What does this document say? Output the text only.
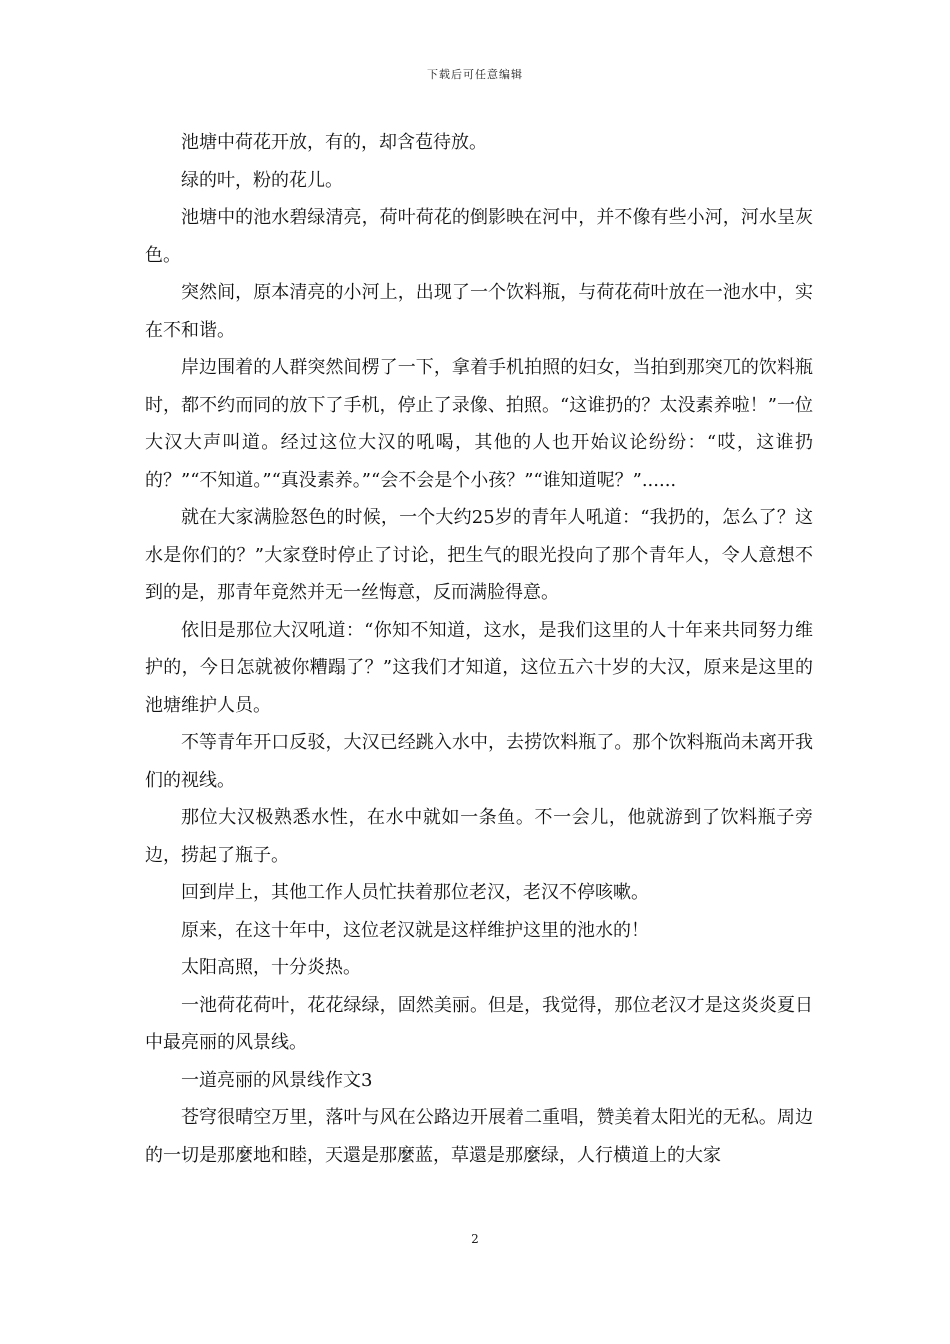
下载后可任意编辑

池塘中荷花开放，有的，却含苞待放。

绿的叶，粉的花儿。

池塘中的池水碧绿清亮，荷叶荷花的倒影映在河中，并不像有些小河，河水呈灰色。

突然间，原本清亮的小河上，出现了一个饮料瓶，与荷花荷叶放在一池水中，实在不和谐。

岸边围着的人群突然间楞了一下，拿着手机拍照的妇女，当拍到那突兀的饮料瓶时，都不约而同的放下了手机，停止了录像、拍照。“这谁扔的？太没素养啦！”一位大汉大声叫道。经过这位大汉的吼喝，其他的人也开始议论纷纷：“哎，这谁扔的？”“不知道。”“真没素养。”“会不会是个小孩？”“谁知道呢？”......

就在大家满脸怒色的时候，一个大约25岁的青年人吼道：“我扔的，怎么了？这水是你们的？”大家登时停止了讨论，把生气的眼光投向了那个青年人，令人意想不到的是，那青年竟然并无一丝悔意，反而满脸得意。

依旧是那位大汉吼道：“你知不知道，这水，是我们这里的人十年来共同努力维护的，今日怎就被你糟蹋了？”这我们才知道，这位五六十岁的大汉，原来是这里的池塘维护人员。

不等青年开口反驳，大汉已经跳入水中，去捞饮料瓶了。那个饮料瓶尚未离开我们的视线。

那位大汉极熟悉水性，在水中就如一条鱼。不一会儿，他就游到了饮料瓶子旁边，捞起了瓶子。

回到岸上，其他工作人员忙扶着那位老汉，老汉不停咳嗽。

原来，在这十年中，这位老汉就是这样维护这里的池水的！

太阳高照，十分炎热。

一池荷花荷叶，花花绿绿，固然美丽。但是，我觉得，那位老汉才是这炎炎夏日中最亮丽的风景线。

一道亮丽的风景线作文3

苍穹很晴空万里，落叶与风在公路边开展着二重唱，赞美着太阳光的无私。周边的一切是那麼地和睦，天還是那麼蓝，草還是那麼绿，人行横道上的大家

2
